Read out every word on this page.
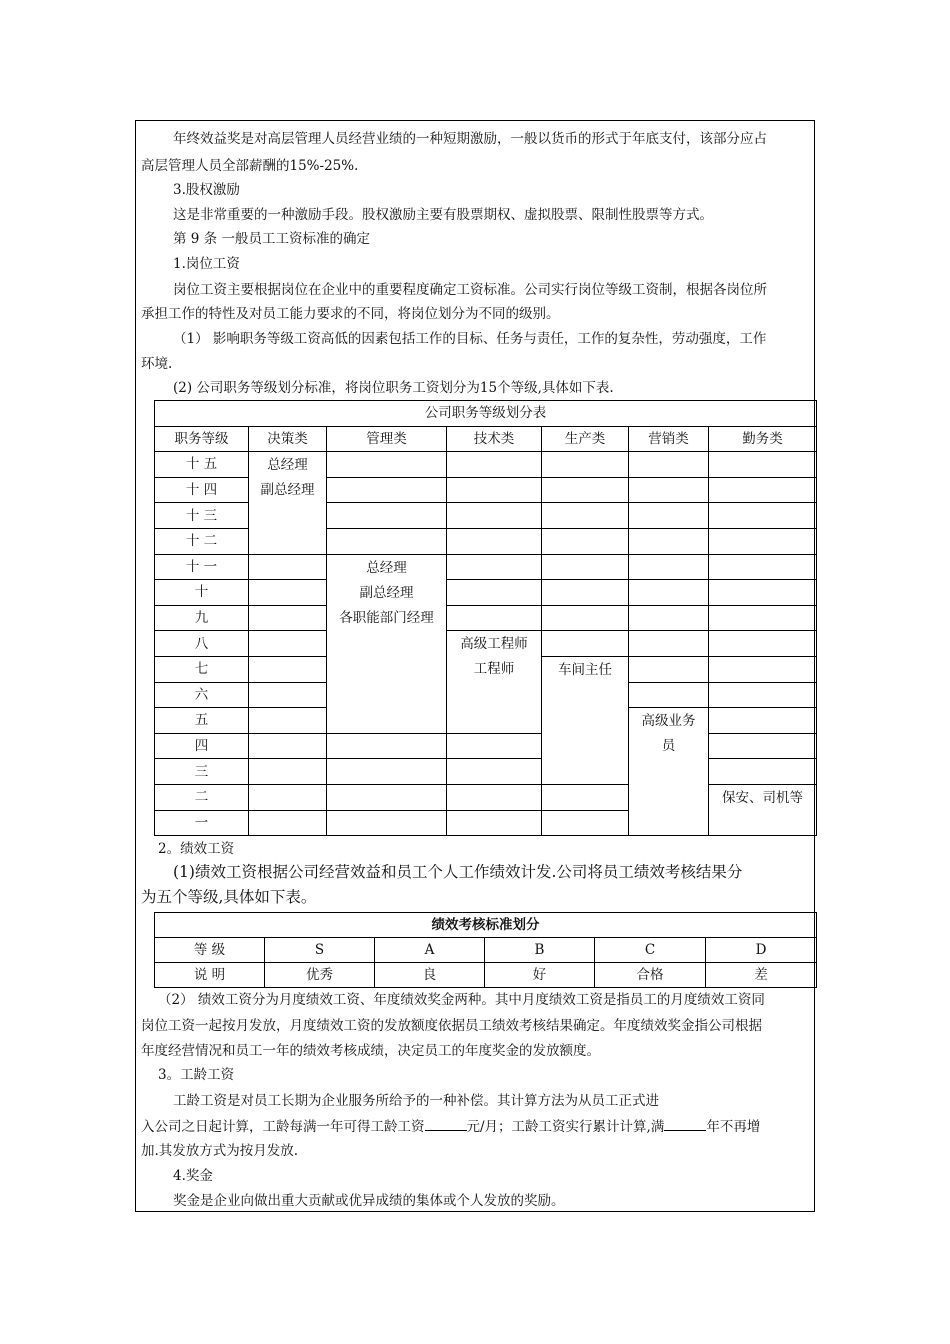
年终效益奖是对高层管理人员经营业绩的一种短期激励，一般以货币的形式于年底支付，该部分应占
高层管理人员全部薪酬的15%-25%.
3.股权激励
这是非常重要的一种激励手段。股权激励主要有股票期权、虚拟股票、限制性股票等方式。
第 9 条 一般员工工资标准的确定
1.岗位工资
岗位工资主要根据岗位在企业中的重要程度确定工资标准。公司实行岗位等级工资制，根据各岗位所
承担工作的特性及对员工能力要求的不同，将岗位划分为不同的级别。
（1） 影响职务等级工资高低的因素包括工作的目标、任务与责任，工作的复杂性，劳动强度，工作
环境.
(2) 公司职务等级划分标准，将岗位职务工资划分为15个等级,具体如下表.
公司职务等级划分表						
职务等级	决策类	管理类	技术类	生产类	营销类	勤务类
十 五	总经理
副总经理					

十 四						
十 三						
十 二						
十 一		总经理
副总经理
各职能部门经理				

十						
九						
八			高级工程师
工程师			

七				车间主任		

六						
五					高级业务
员	

四						
三						
二						保安、司机等

一						
2。绩效工资
(1)绩效工资根据公司经营效益和员工个人工作绩效计发.公司将员工绩效考核结果分
为五个等级,具体如下表。
绩效考核标准划分					
等 级	S	A	B	C	D
说 明	优秀	良	好	合格	差
（2） 绩效工资分为月度绩效工资、年度绩效奖金两种。其中月度绩效工资是指员工的月度绩效工资同
岗位工资一起按月发放，月度绩效工资的发放额度依据员工绩效考核结果确定。年度绩效奖金指公司根据
年度经营情况和员工一年的绩效考核成绩，决定员工的年度奖金的发放额度。
3。工龄工资
工龄工资是对员工长期为企业服务所给予的一种补偿。其计算方法为从员工正式进
入公司之日起计算，工龄每满一年可得工龄工资	元/月；工龄工资实行累计计算,满	年不再增
加.其发放方式为按月发放.
4.奖金
奖金是企业向做出重大贡献或优异成绩的集体或个人发放的奖励。
